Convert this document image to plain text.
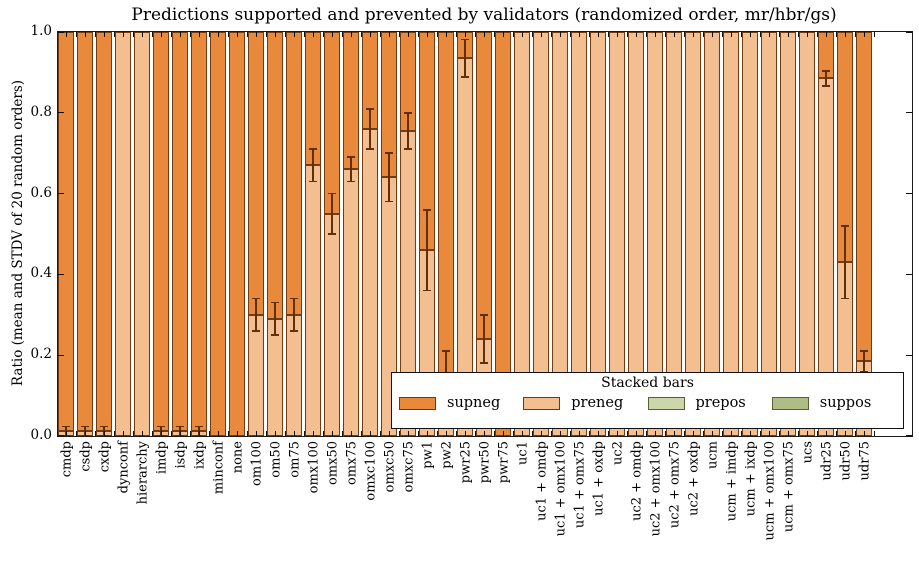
Predictions supported and prevented by validators (randomized order, mr/hbr/gs)
Ratio (mean and STDV of 20 random orders)
0.0
0.2
0.4
0.6
0.8
1.0
cmdp csdp cxdp dynconf hierarchy imdp isdp ixdp minconf none om100 om50 om75 omx100 omx50 omx75 omxc100 omxc50 omxc75 pw1 pw2 pwr25 pwr50 pwr75 uc1 uc1 + omdp uc1 + omx100 uc1 + omx75 uc1 + oxdp uc2 uc2 + omdp uc2 + omx100 uc2 + omx75 uc2 + oxdp ucm ucm + imdp ucm + ixdp ucm + omx100 ucm + omx75 ucs udr25 udr50 udr75
Stacked bars
supneg	preneg	prepos	suppos
